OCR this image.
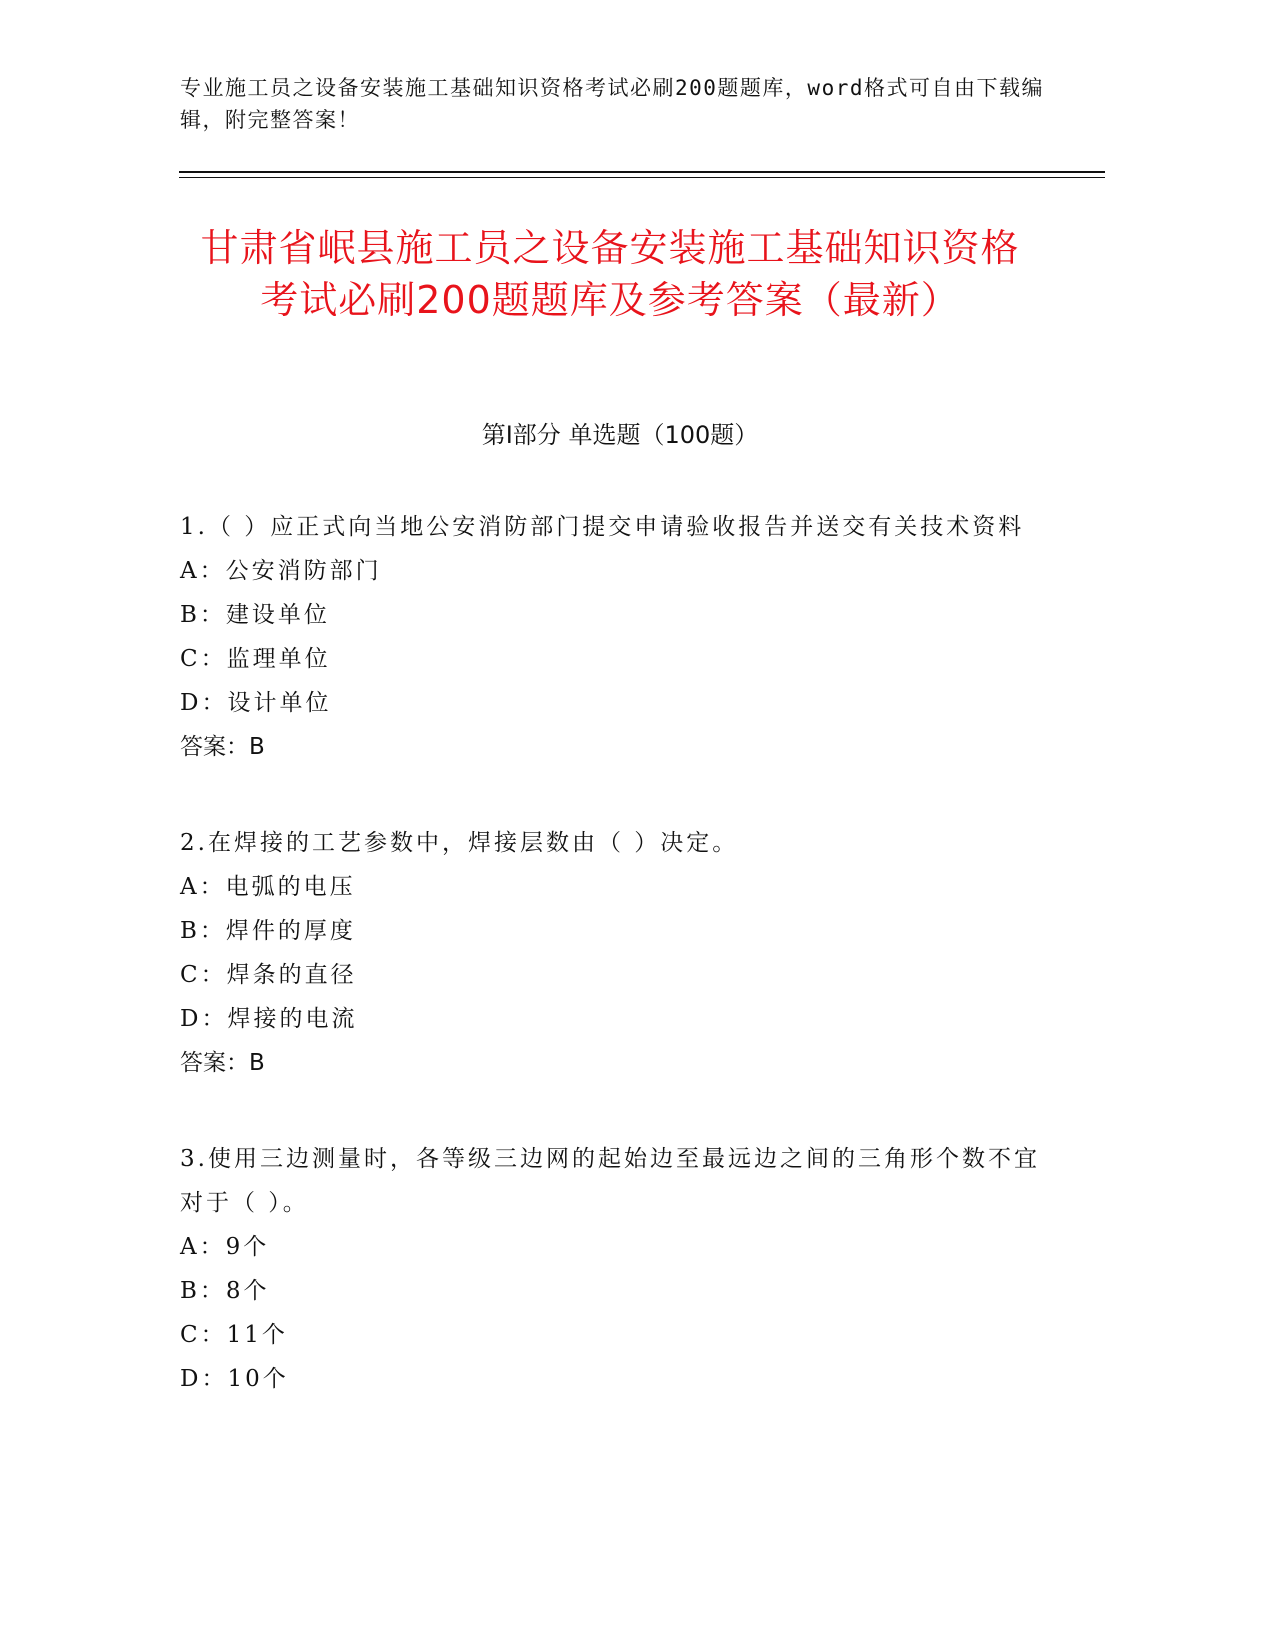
专业施工员之设备安装施工基础知识资格考试必刷200题题库，word格式可自由下载编辑，附完整答案！
甘肃省岷县施工员之设备安装施工基础知识资格考试必刷200题题库及参考答案（最新）
第Ⅰ部分 单选题（100题）

1.（ ）应正式向当地公安消防部门提交申请验收报告并送交有关技术资料

A：公安消防部门

B：建设单位

C：监理单位

D：设计单位

答案：B

2.在焊接的工艺参数中，焊接层数由（ ）决定。

A：电弧的电压

B：焊件的厚度

C：焊条的直径

D：焊接的电流

答案：B

3.使用三边测量时，各等级三边网的起始边至最远边之间的三角形个数不宜对于（ ）。

A：9个

B：8个

C：11个

D：10个
